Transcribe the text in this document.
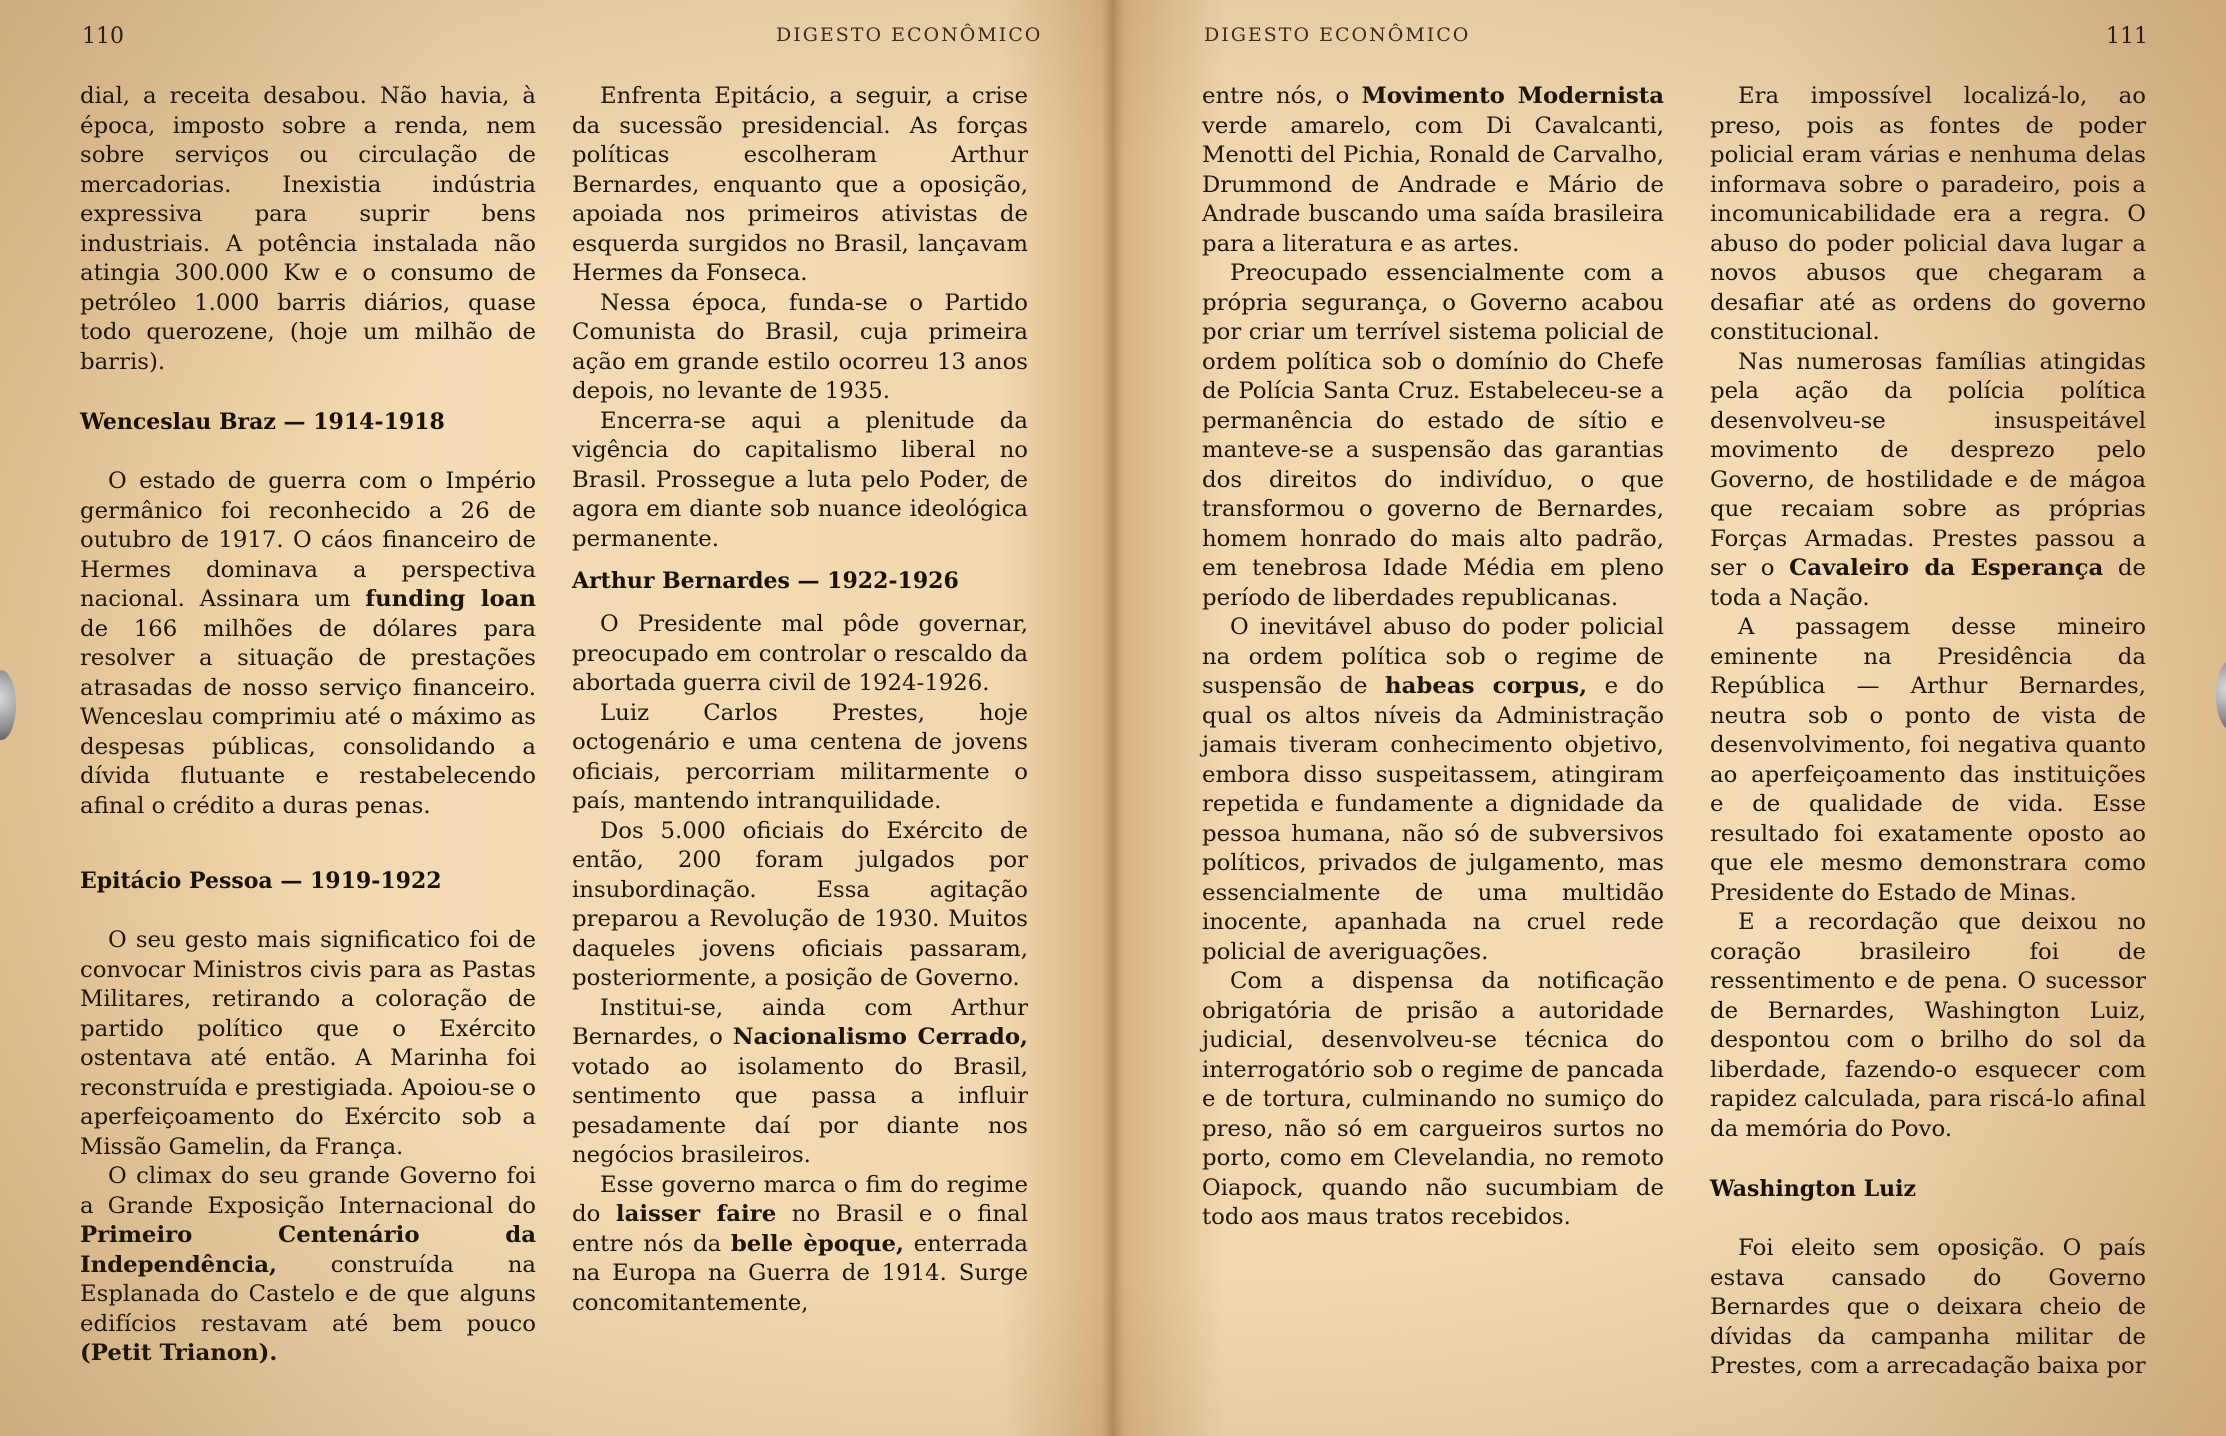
110	DIGESTO ECONÔMICO

dial, a receita desabou. Não havia, à época, imposto sobre a renda, nem sobre serviços ou circulação de mercadorias. Inexistia indústria expressiva para suprir bens industriais. A potência instalada não atingia 300.000 Kw e o consumo de petróleo 1.000 barris diários, quase todo querozene, (hoje um milhão de barris).

Wenceslau Braz — 1914-1918

O estado de guerra com o Império germânico foi reconhecido a 26 de outubro de 1917. O cáos financeiro de Hermes dominava a perspectiva nacional. Assinara um funding loan de 166 milhões de dólares para resolver a situação de prestações atrasadas de nosso serviço financeiro. Wenceslau comprimiu até o máximo as despesas públicas, consolidando a dívida flutuante e restabelecendo afinal o crédito a duras penas.

Epitácio Pessoa — 1919-1922

O seu gesto mais significatico foi de convocar Ministros civis para as Pastas Militares, retirando a coloração de partido político que o Exército ostentava até então. A Marinha foi reconstruída e prestigiada. Apoiou-se o aperfeiçoamento do Exército sob a Missão Gamelin, da França.

O climax do seu grande Governo foi a Grande Exposição Internacional do Primeiro Centenário da Independência, construída na Esplanada do Castelo e de que alguns edifícios restavam até bem pouco (Petit Trianon).

Enfrenta Epitácio, a seguir, a crise da sucessão presidencial. As forças políticas escolheram Arthur Bernardes, enquanto que a oposição, apoiada nos primeiros ativistas de esquerda surgidos no Brasil, lançavam Hermes da Fonseca.

Nessa época, funda-se o Partido Comunista do Brasil, cuja primeira ação em grande estilo ocorreu 13 anos depois, no levante de 1935.

Encerra-se aqui a plenitude da vigência do capitalismo liberal no Brasil. Prossegue a luta pelo Poder, de agora em diante sob nuance ideológica permanente.

Arthur Bernardes — 1922-1926

O Presidente mal pôde governar, preocupado em controlar o rescaldo da abortada guerra civil de 1924-1926.

Luiz Carlos Prestes, hoje octogenário e uma centena de jovens oficiais, percorriam militarmente o país, mantendo intranquilidade.

Dos 5.000 oficiais do Exército de então, 200 foram julgados por insubordinação. Essa agitação preparou a Revolução de 1930. Muitos daqueles jovens oficiais passaram, posteriormente, a posição de Governo.

Institui-se, ainda com Arthur Bernardes, o Nacionalismo Cerrado, votado ao isolamento do Brasil, sentimento que passa a influir pesadamente daí por diante nos negócios brasileiros.

Esse governo marca o fim do regime do laisser faire no Brasil e o final entre nós da belle èpoque, enterrada na Europa na Guerra de 1914. Surge concomitantemente,

DIGESTO ECONÔMICO	111

entre nós, o Movimento Modernista verde amarelo, com Di Cavalcanti, Menotti del Pichia, Ronald de Carvalho, Drummond de Andrade e Mário de Andrade buscando uma saída brasileira para a literatura e as artes.

Preocupado essencialmente com a própria segurança, o Governo acabou por criar um terrível sistema policial de ordem política sob o domínio do Chefe de Polícia Santa Cruz. Estabeleceu-se a permanência do estado de sítio e manteve-se a suspensão das garantias dos direitos do indivíduo, o que transformou o governo de Bernardes, homem honrado do mais alto padrão, em tenebrosa Idade Média em pleno período de liberdades republicanas.

O inevitável abuso do poder policial na ordem política sob o regime de suspensão de habeas corpus, e do qual os altos níveis da Administração jamais tiveram conhecimento objetivo, embora disso suspeitassem, atingiram repetida e fundamente a dignidade da pessoa humana, não só de subversivos políticos, privados de julgamento, mas essencialmente de uma multidão inocente, apanhada na cruel rede policial de averiguações.

Com a dispensa da notificação obrigatória de prisão a autoridade judicial, desenvolveu-se técnica do interrogatório sob o regime de pancada e de tortura, culminando no sumiço do preso, não só em cargueiros surtos no porto, como em Clevelandia, no remoto Oiapock, quando não sucumbiam de todo aos maus tratos recebidos.

Era impossível localizá-lo, ao preso, pois as fontes de poder policial eram várias e nenhuma delas informava sobre o paradeiro, pois a incomunicabilidade era a regra. O abuso do poder policial dava lugar a novos abusos que chegaram a desafiar até as ordens do governo constitucional.

Nas numerosas famílias atingidas pela ação da polícia política desenvolveu-se insuspeitável movimento de desprezo pelo Governo, de hostilidade e de mágoa que recaiam sobre as próprias Forças Armadas. Prestes passou a ser o Cavaleiro da Esperança de toda a Nação.

A passagem desse mineiro eminente na Presidência da República — Arthur Bernardes, neutra sob o ponto de vista de desenvolvimento, foi negativa quanto ao aperfeiçoamento das instituições e de qualidade de vida. Esse resultado foi exatamente oposto ao que ele mesmo demonstrara como Presidente do Estado de Minas.

E a recordação que deixou no coração brasileiro foi de ressentimento e de pena. O sucessor de Bernardes, Washington Luiz, despontou com o brilho do sol da liberdade, fazendo-o esquecer com rapidez calculada, para riscá-lo afinal da memória do Povo.

Washington Luiz

Foi eleito sem oposição. O país estava cansado do Governo Bernardes que o deixara cheio de dívidas da campanha militar de Prestes, com a arrecadação baixa por
